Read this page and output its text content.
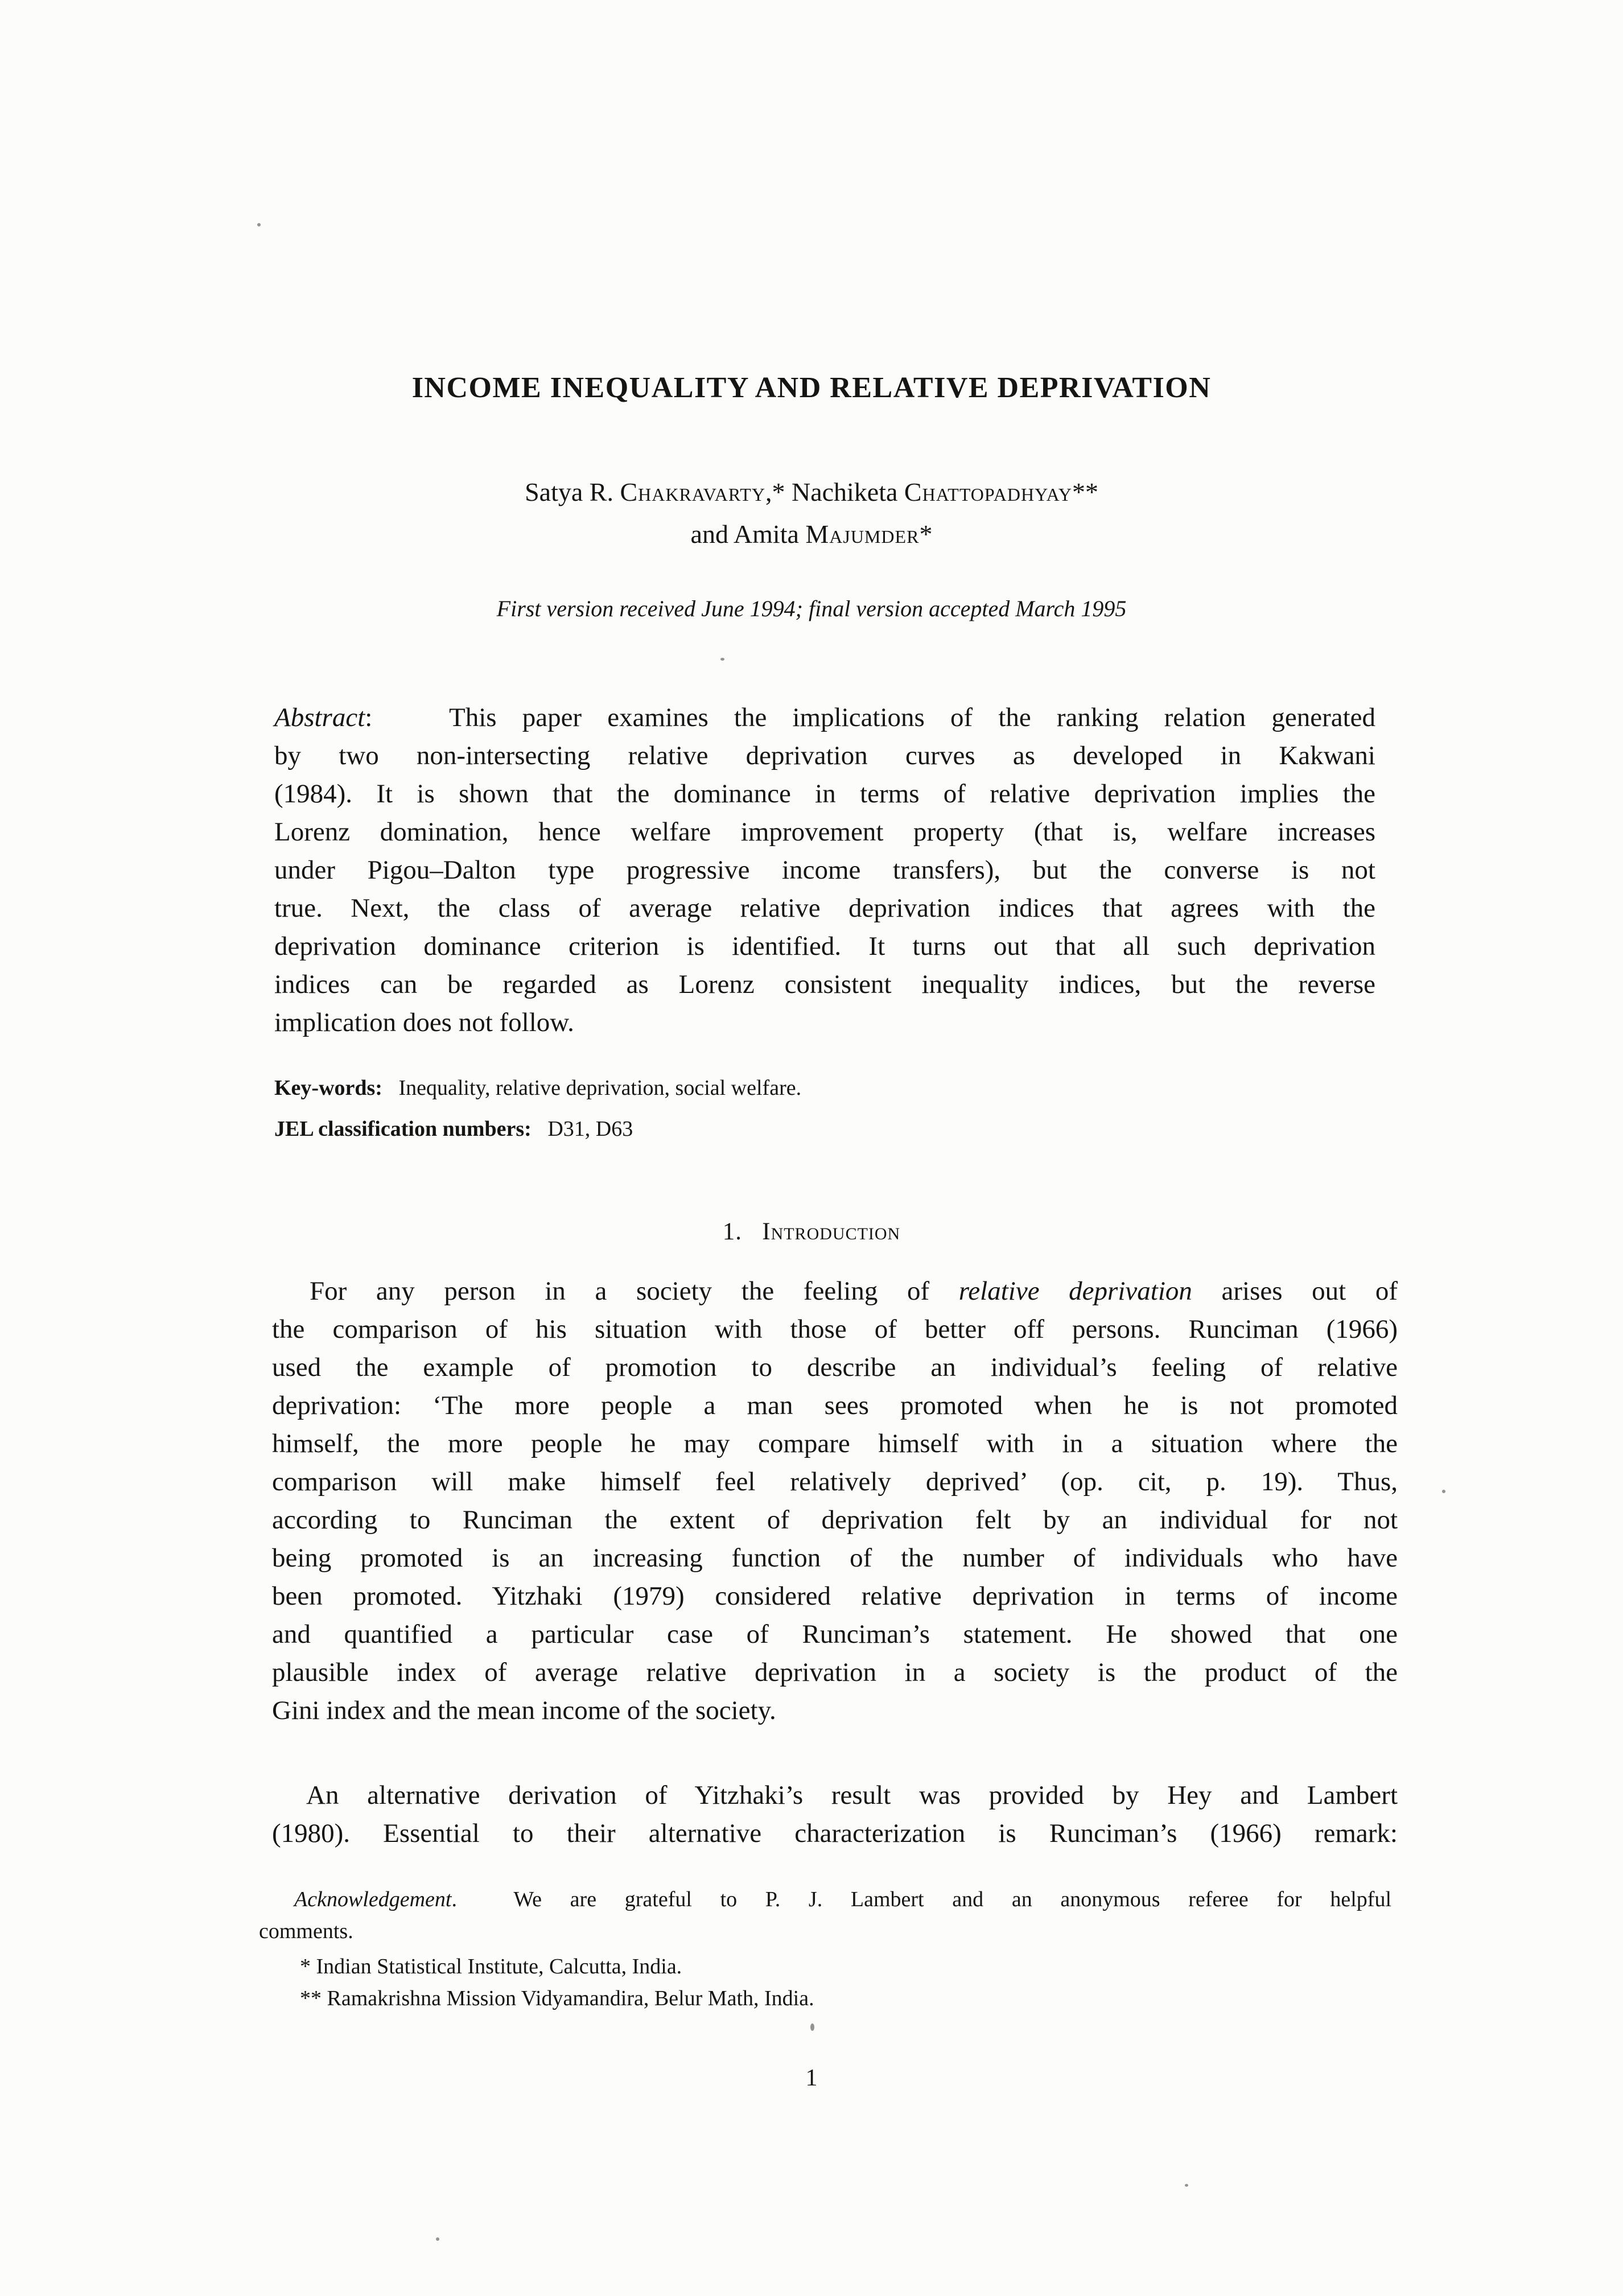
INCOME INEQUALITY AND RELATIVE DEPRIVATION
Satya R. Chakravarty,* Nachiketa Chattopadhyay**
and Amita Majumder*
First version received June 1994; final version accepted March 1995
Abstract:   This paper examines the implications of the ranking relation generated
by two non-intersecting relative deprivation curves as developed in Kakwani
(1984). It is shown that the dominance in terms of relative deprivation implies the
Lorenz domination, hence welfare improvement property (that is, welfare increases
under Pigou–Dalton type progressive income transfers), but the converse is not
true. Next, the class of average relative deprivation indices that agrees with the
deprivation dominance criterion is identified. It turns out that all such deprivation
indices can be regarded as Lorenz consistent inequality indices, but the reverse
implication does not follow.
Key-words:   Inequality, relative deprivation, social welfare.
JEL classification numbers:   D31, D63
1. Introduction
For any person in a society the feeling of relative deprivation arises out of
the comparison of his situation with those of better off persons. Runciman (1966)
used the example of promotion to describe an individual’s feeling of relative
deprivation: ‘The more people a man sees promoted when he is not promoted
himself, the more people he may compare himself with in a situation where the
comparison will make himself feel relatively deprived’ (op. cit, p. 19). Thus,
according to Runciman the extent of deprivation felt by an individual for not
being promoted is an increasing function of the number of individuals who have
been promoted. Yitzhaki (1979) considered relative deprivation in terms of income
and quantified a particular case of Runciman’s statement. He showed that one
plausible index of average relative deprivation in a society is the product of the
Gini index and the mean income of the society.
An alternative derivation of Yitzhaki’s result was provided by Hey and Lambert
(1980). Essential to their alternative characterization is Runciman’s (1966) remark:
Acknowledgement.  We are grateful to P. J. Lambert and an anonymous referee for helpful
comments.
* Indian Statistical Institute, Calcutta, India.
** Ramakrishna Mission Vidyamandira, Belur Math, India.
1
